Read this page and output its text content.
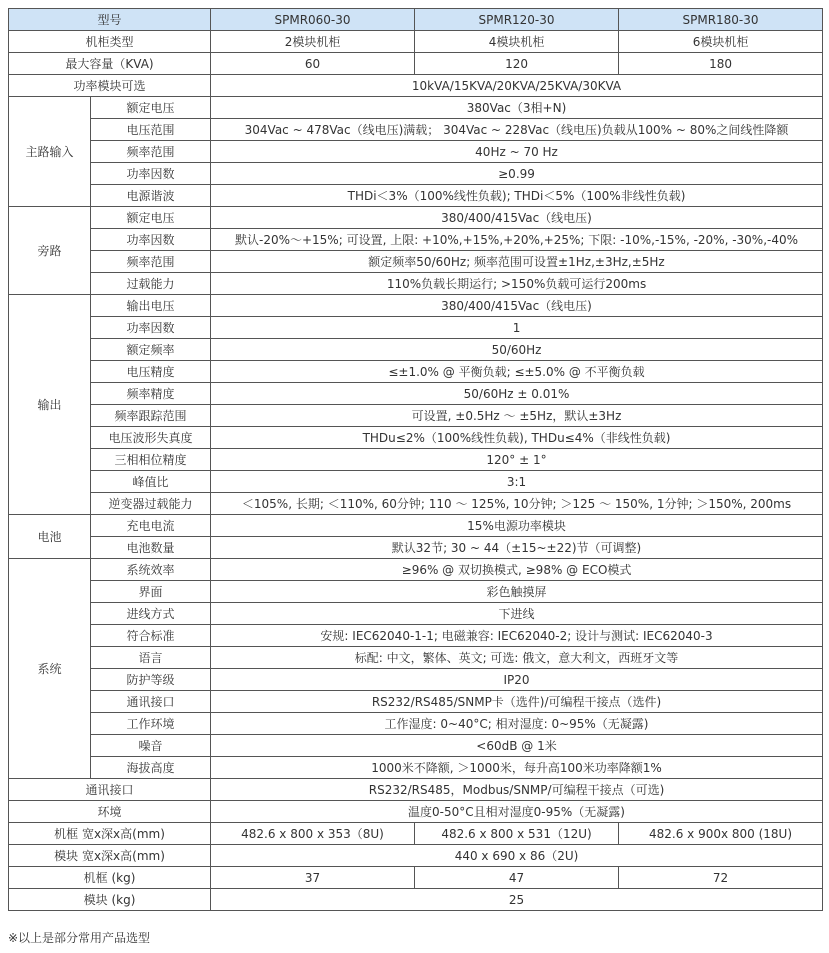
型号		SPMR060-30	SPMR120-30	SPMR180-30
机柜类型		2模块机柜	4模块机柜	6模块机柜
最大容量（KVA)		60	120	180
功率模块可选		10kVA/15KVA/20KVA/25KVA/30KVA		
主路输入	额定电压	380Vac（3相+N)		
	电压范围	304Vac ~ 478Vac（线电压)满载； 304Vac ~ 228Vac（线电压)负载从100% ~ 80%之间线性降额		
	频率范围	40Hz ~ 70 Hz		
	功率因数	≥0.99		
	电源谐波	THDi＜3%（100%线性负载); THDi＜5%（100%非线性负载)		
旁路	额定电压	380/400/415Vac（线电压)		
	功率因数	默认-20%～+15%; 可设置, 上限: +10%,+15%,+20%,+25%; 下限: -10%,-15%, -20%, -30%,-40%		
	频率范围	额定频率50/60Hz; 频率范围可设置±1Hz,±3Hz,±5Hz		
	过载能力	110%负载长期运行; >150%负载可运行200ms		
输出	输出电压	380/400/415Vac（线电压)		
	功率因数	1		
	额定频率	50/60Hz		
	电压精度	≤±1.0% @ 平衡负载; ≤±5.0% @ 不平衡负载		
	频率精度	50/60Hz ± 0.01%		
	频率跟踪范围	可设置, ±0.5Hz ～ ±5Hz，默认±3Hz		
	电压波形失真度	THDu≤2%（100%线性负载), THDu≤4%（非线性负载)		
	三相相位精度	120° ± 1°		
	峰值比	3:1		
	逆变器过载能力	＜105%, 长期; ＜110%, 60分钟; 110 ～ 125%, 10分钟; ＞125 ～ 150%, 1分钟; ＞150%, 200ms		
电池	充电电流	15%电源功率模块		
	电池数量	默认32节; 30 ~ 44（±15~±22)节（可调整)		
系统	系统效率	≥96% @ 双切换模式, ≥98% @ ECO模式		
	界面	彩色触摸屏		
	进线方式	下进线		
	符合标准	安规: IEC62040-1-1; 电磁兼容: IEC62040-2; 设计与测试: IEC62040-3		
	语言	标配: 中文，繁体、英文; 可选: 俄文，意大利文，西班牙文等		
	防护等级	IP20		
	通讯接口	RS232/RS485/SNMP卡（选件)/可编程干接点（选件)		
	工作环境	工作湿度: 0~40°C; 相对湿度: 0~95%（无凝露)		
	噪音	<60dB @ 1米		
	海拔高度	1000米不降额, ＞1000米，每升高100米功率降额1%		
通讯接口		RS232/RS485，Modbus/SNMP/可编程干接点（可选)		
环境		温度0-50°C且相对湿度0-95%（无凝露)		
机框 宽x深x高(mm)		482.6 x 800 x 353（8U)	482.6 x 800 x 531（12U)	482.6 x 900x 800 (18U)
模块 宽x深x高(mm)		440 x 690 x 86（2U)		
机框 (kg)		37	47	72
模块 (kg)		25		
※以上是部分常用产品选型
